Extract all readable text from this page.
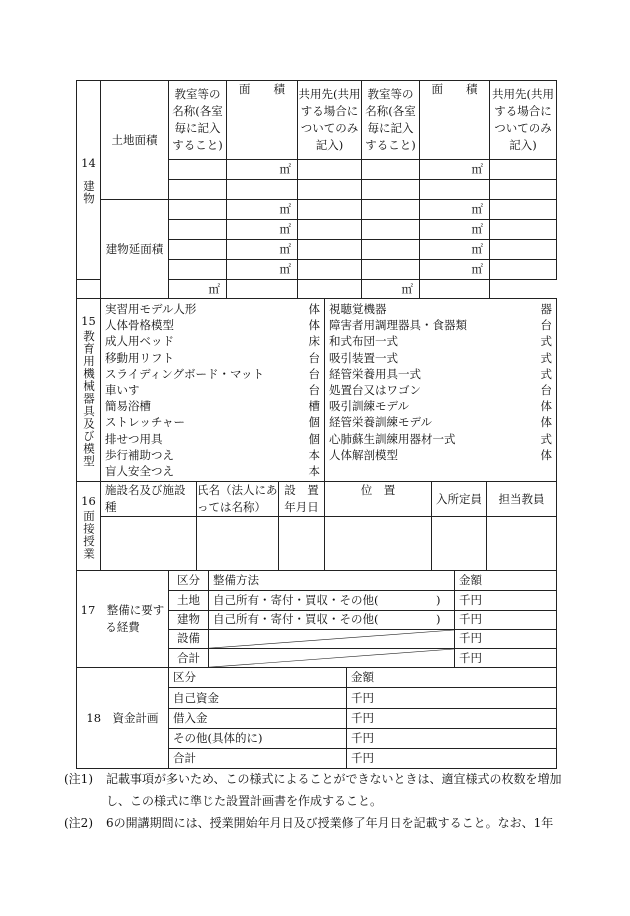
14
建物	土地面積	教室等の名称(各室毎に記入すること)	面　　積	共用先(共用する場合についてのみ記入)	教室等の名称(各室毎に記入すること)	面　　積	共用先(共用する場合についてのみ記入)
			㎡			㎡	

	建物延面積		㎡			㎡	
			㎡			㎡	
			㎡			㎡	
			㎡			㎡	
		㎡			㎡		
15
教育用機械器具及び模型

実習用モデル人形	体
人体骨格模型	体
成人用ベッド	床
移動用リフト	台
スライディングボード・マット	台
車いす	台
簡易浴槽	槽
ストレッチャー	個
排せつ用具	個
歩行補助つえ	本
盲人安全つえ	本

視聴覚機器	器
障害者用調理器具・食器類	台
和式布団一式	式
吸引装置一式	式
経管栄養用具一式	式
処置台又はワゴン	台
吸引訓練モデル	体
経管栄養訓練モデル	体
心肺蘇生訓練用器材一式	式
人体解剖模型	体
16
面接授業	施設名及び施設種	氏名（法人にあっては名称）	設　置年月日	位　置	入所定員	担当教員

17　整備に要する経費	区分	整備方法	金額
	土地	自己所有・寄付・買収・その他(　　　　　)	千円
	建物	自己所有・寄付・買収・その他(　　　　　)	千円
	設備		千円
	合計		千円
18　資金計画	区分	金額
	自己資金	千円
	借入金	千円
	その他(具体的に)	千円
	合計	千円
(注1)	記載事項が多いため、この様式によることができないときは、適宜様式の枚数を増加し、この様式に準じた設置計画書を作成すること。
(注2)	6の開講期間には、授業開始年月日及び授業修了年月日を記載すること。なお、1年
